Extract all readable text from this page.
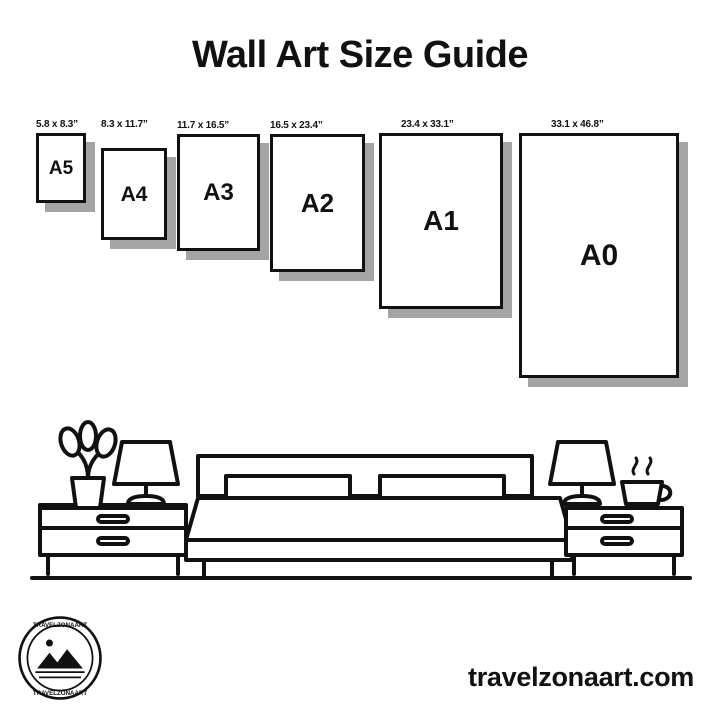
Wall Art Size Guide
5.8 x 8.3”
A5
8.3 x 11.7”
A4
11.7 x 16.5”
A3
16.5 x 23.4”
A2
23.4 x 33.1”
A1
33.1 x 46.8”
A0
TRAVELZONAART
TRAVELZONAART
travelzonaart.com
